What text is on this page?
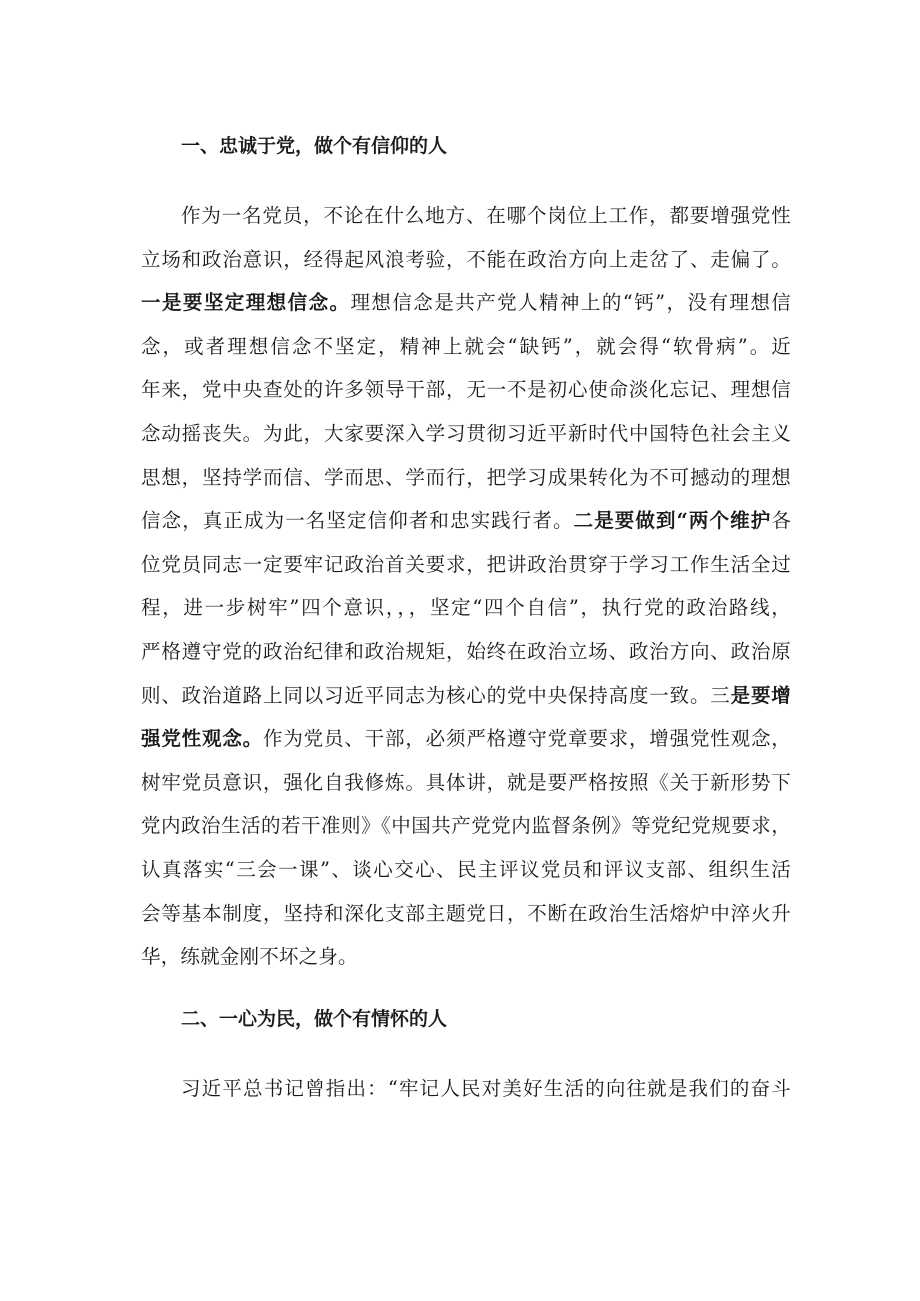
一、忠诚于党，做个有信仰的人

作为一名党员，不论在什么地方、在哪个岗位上工作，都要增强党性

立场和政治意识，经得起风浪考验，不能在政治方向上走岔了、走偏了。

一是要坚定理想信念。理想信念是共产党人精神上的“钙”，没有理想信

念，或者理想信念不坚定，精神上就会“缺钙”，就会得“软骨病”。近

年来，党中央查处的许多领导干部，无一不是初心使命淡化忘记、理想信

念动摇丧失。为此，大家要深入学习贯彻习近平新时代中国特色社会主义

思想，坚持学而信、学而思、学而行，把学习成果转化为不可撼动的理想

信念，真正成为一名坚定信仰者和忠实践行者。二是要做到“两个维护各

位党员同志一定要牢记政治首关要求，把讲政治贯穿于学习工作生活全过

程，进一步树牢”四个意识，，，坚定“四个自信”，执行党的政治路线，

严格遵守党的政治纪律和政治规矩，始终在政治立场、政治方向、政治原

则、政治道路上同以习近平同志为核心的党中央保持高度一致。三是要增

强党性观念。作为党员、干部，必须严格遵守党章要求，增强党性观念，

树牢党员意识，强化自我修炼。具体讲，就是要严格按照《关于新形势下

党内政治生活的若干准则》《中国共产党党内监督条例》等党纪党规要求，

认真落实“三会一课”、谈心交心、民主评议党员和评议支部、组织生活

会等基本制度，坚持和深化支部主题党日，不断在政治生活熔炉中淬火升

华，练就金刚不坏之身。

二、一心为民，做个有情怀的人

习近平总书记曾指出：“牢记人民对美好生活的向往就是我们的奋斗
